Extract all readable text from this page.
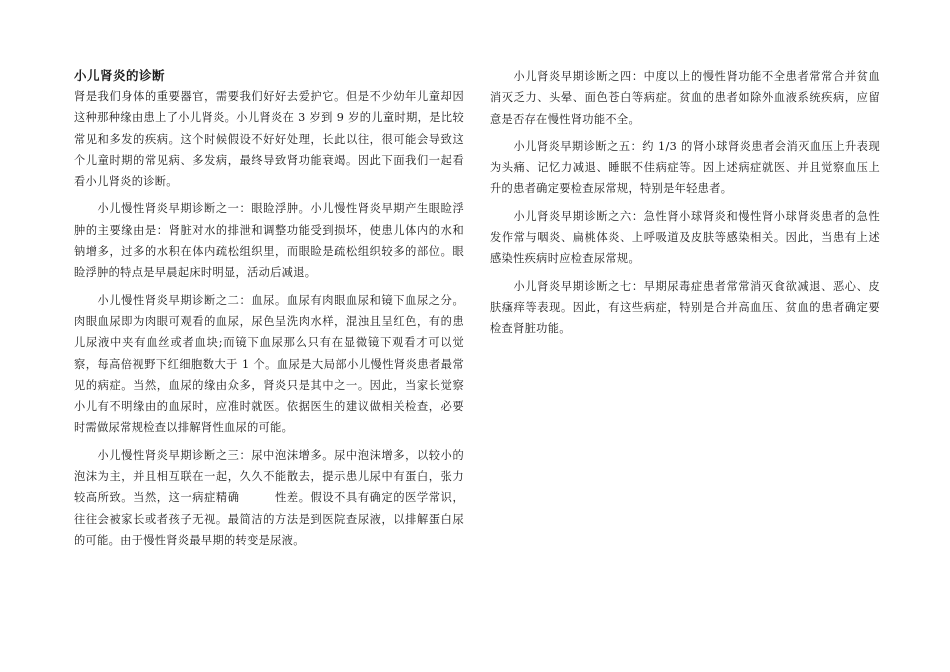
小儿肾炎的诊断

肾是我们身体的重要器官，需要我们好好去爱护它。但是不少幼年儿童却因这种那种缘由患上了小儿肾炎。小儿肾炎在 3 岁到 9 岁的儿童时期，是比较常见和多发的疾病。这个时候假设不好好处理，长此以往，很可能会导致这个儿童时期的常见病、多发病，最终导致肾功能衰竭。因此下面我们一起看看小儿肾炎的诊断。

小儿慢性肾炎早期诊断之一：眼睑浮肿。小儿慢性肾炎早期产生眼睑浮肿的主要缘由是：肾脏对水的排泄和调整功能受到损坏，使患儿体内的水和钠增多，过多的水积在体内疏松组织里，而眼睑是疏松组织较多的部位。眼睑浮肿的特点是早晨起床时明显，活动后减退。

小儿慢性肾炎早期诊断之二：血尿。血尿有肉眼血尿和镜下血尿之分。肉眼血尿即为肉眼可观看的血尿，尿色呈洗肉水样，混浊且呈红色，有的患儿尿液中夹有血丝或者血块;而镜下血尿那么只有在显微镜下观看才可以觉察，每高倍视野下红细胞数大于 1 个。血尿是大局部小儿慢性肾炎患者最常见的病症。当然，血尿的缘由众多，肾炎只是其中之一。因此，当家长觉察小儿有不明缘由的血尿时，应准时就医。依据医生的建议做相关检查，必要时需做尿常规检查以排解肾性血尿的可能。

小儿慢性肾炎早期诊断之三：尿中泡沫增多。尿中泡沫增多，以较小的泡沫为主，并且相互联在一起，久久不能散去，提示患儿尿中有蛋白，张力较高所致。当然，这一病症精确　　　性差。假设不具有确定的医学常识，往往会被家长或者孩子无视。最简洁的方法是到医院查尿液，以排解蛋白尿的可能。由于慢性肾炎最早期的转变是尿液。

小儿肾炎早期诊断之四：中度以上的慢性肾功能不全患者常常合并贫血消灭乏力、头晕、面色苍白等病症。贫血的患者如除外血液系统疾病，应留意是否存在慢性肾功能不全。

小儿肾炎早期诊断之五：约 1/3 的肾小球肾炎患者会消灭血压上升表现为头痛、记忆力减退、睡眠不佳病症等。因上述病症就医、并且觉察血压上升的患者确定要检查尿常规，特别是年轻患者。

小儿肾炎早期诊断之六：急性肾小球肾炎和慢性肾小球肾炎患者的急性发作常与咽炎、扁桃体炎、上呼吸道及皮肤等感染相关。因此，当患有上述感染性疾病时应检查尿常规。

小儿肾炎早期诊断之七：早期尿毒症患者常常消灭食欲减退、恶心、皮肤瘙痒等表现。因此，有这些病症，特别是合并高血压、贫血的患者确定要检查肾脏功能。
